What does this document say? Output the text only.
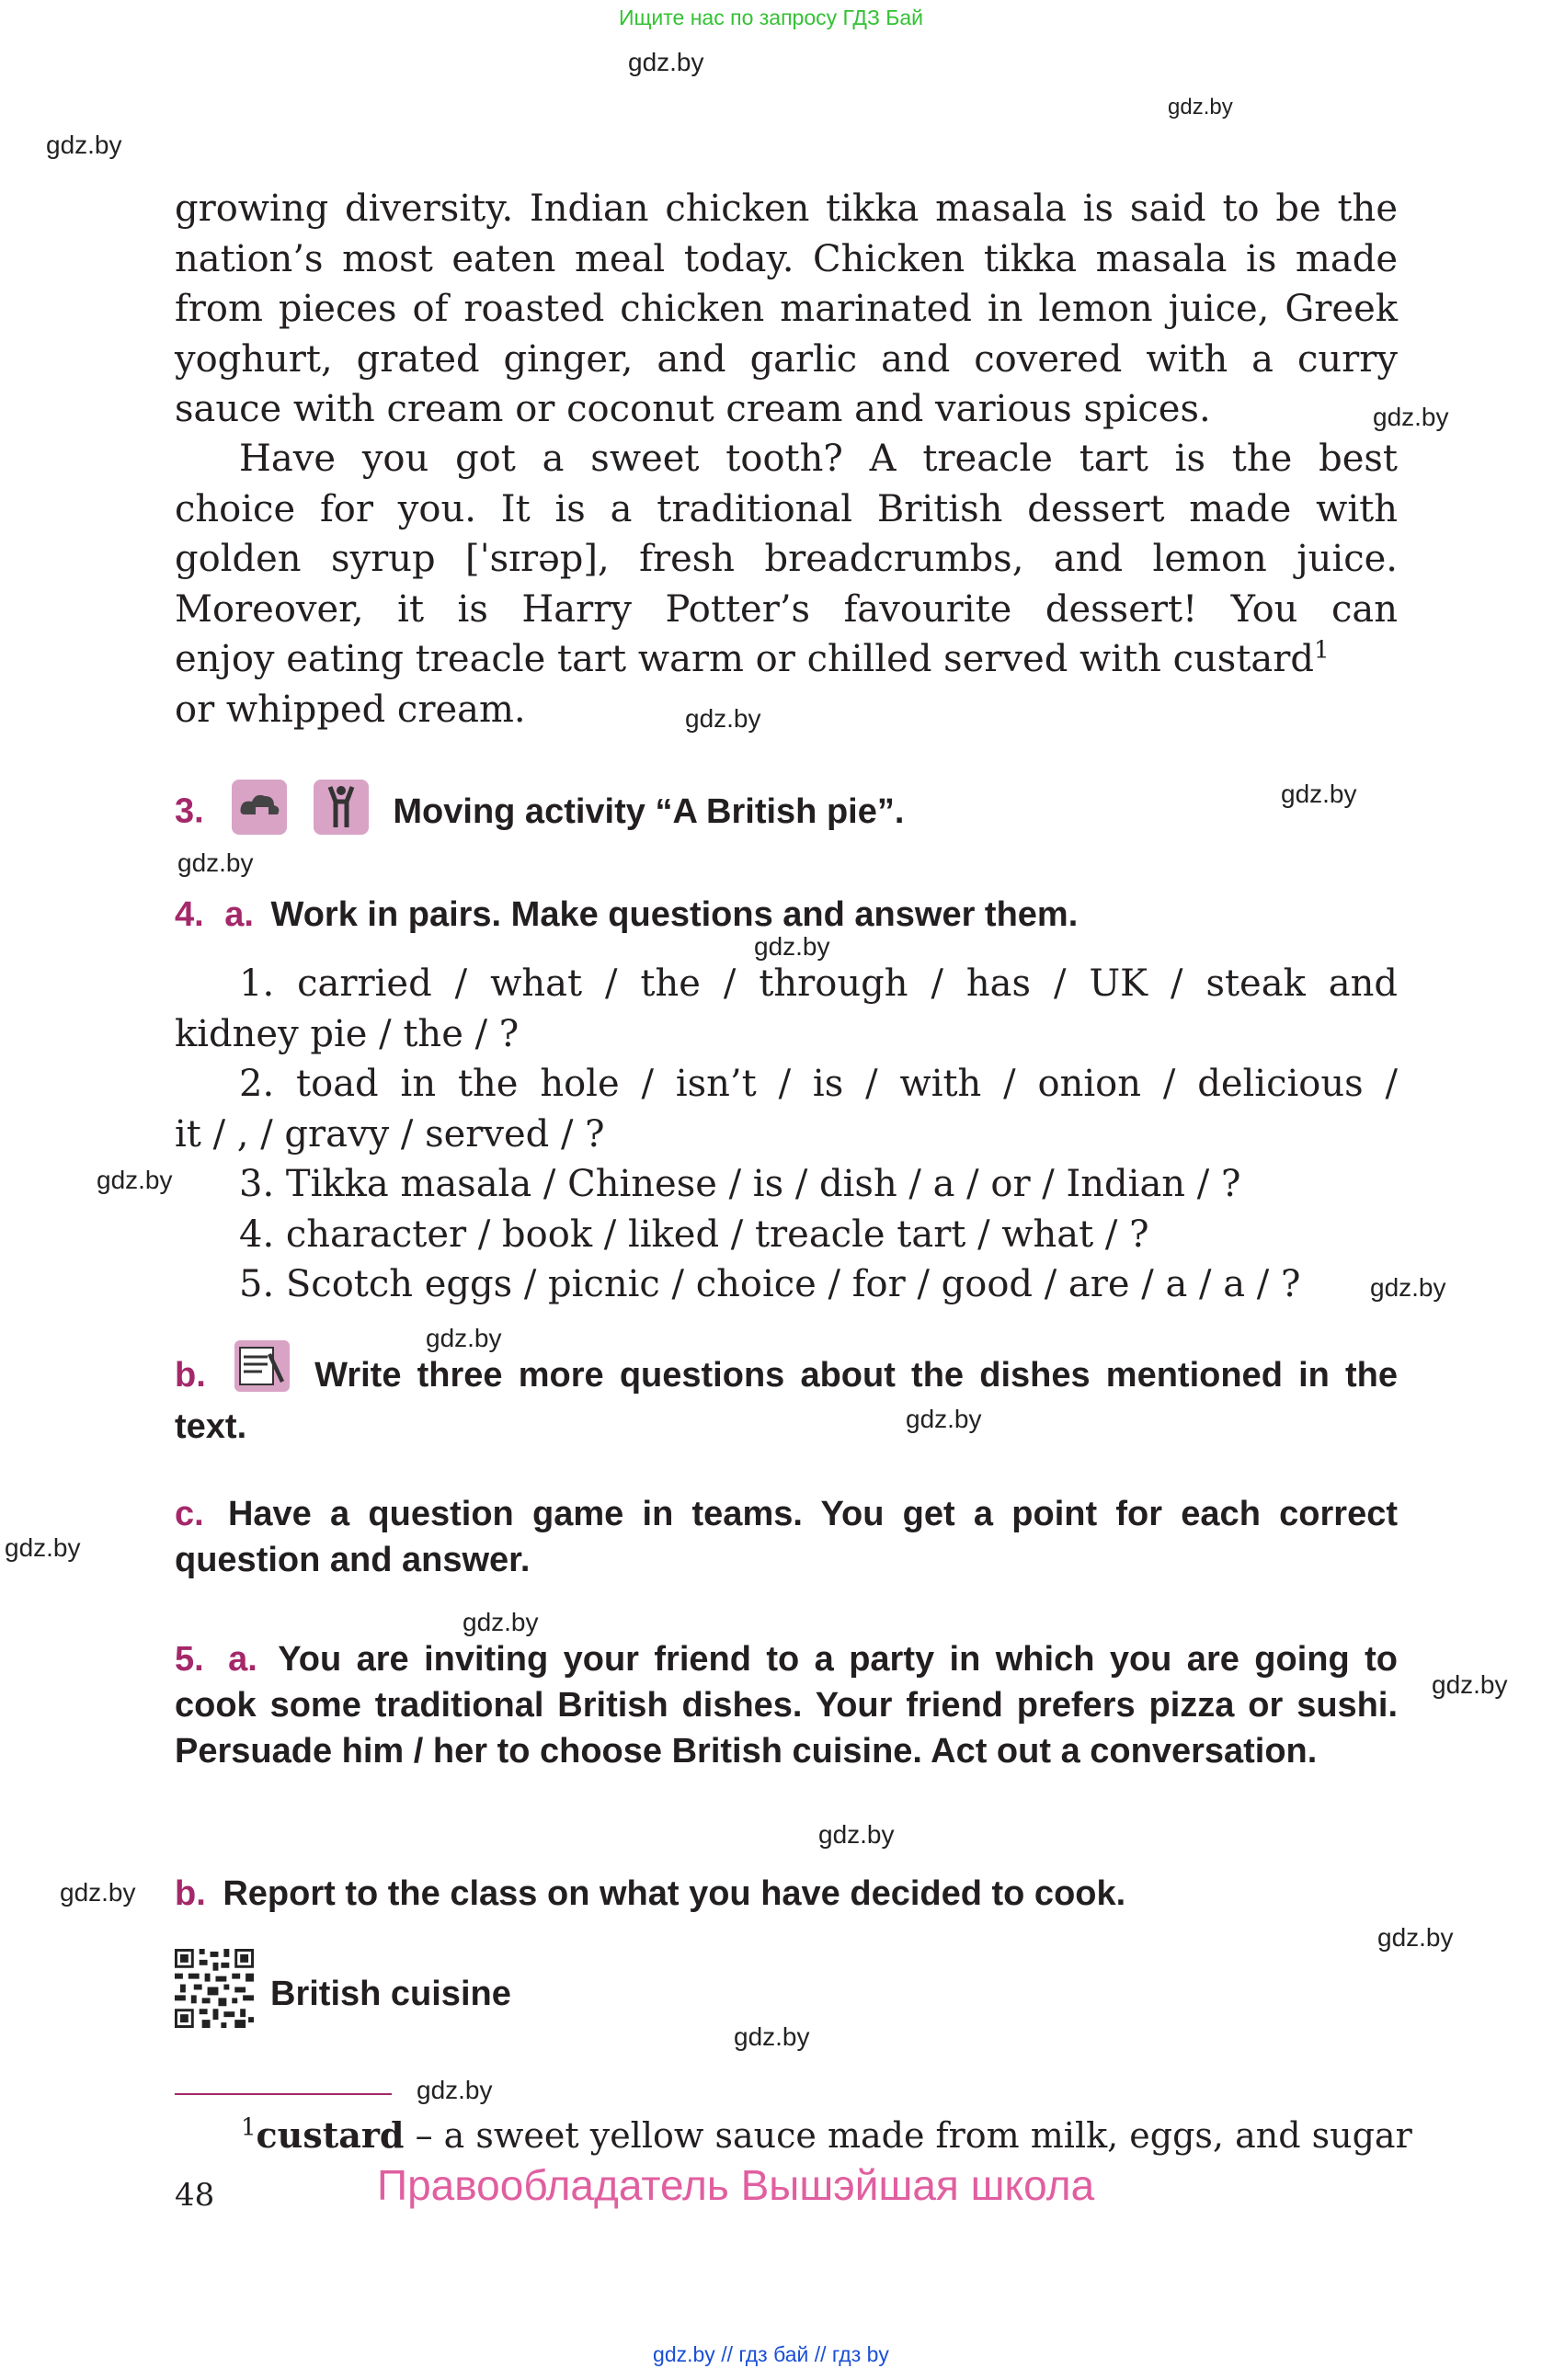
Ищите нас по запросу ГДЗ Бай
gdz.by
gdz.by
gdz.by
gdz.by
gdz.by
gdz.by
gdz.by
gdz.by
gdz.by
gdz.by
gdz.by
gdz.by
gdz.by
gdz.by
gdz.by
gdz.by
gdz.by
gdz.by
gdz.by
gdz.by
growing diversity. Indian chicken tikka masala is said to be the
nation’s most eaten meal today. Chicken tikka masala is made
from pieces of roasted chicken marinated in lemon juice, Greek
yoghurt, grated ginger, and garlic and covered with a curry
sauce with cream or coconut cream and various spices.
Have you got a sweet tooth? A treacle tart is the best
choice for you. It is a traditional British dessert made with
golden syrup [ˈsɪrəp], fresh breadcrumbs, and lemon juice.
Moreover, it is Harry Potter’s favourite dessert! You can
enjoy eating treacle tart warm or chilled served with custard$^1$
or whipped cream.
3.	Moving activity “A British pie”.
4. a. Work in pairs. Make questions and answer them.
1. carried / what / the / through / has / UK / steak and
kidney pie / the / ?
2. toad in the hole / isn’t / is / with / onion / delicious /
it / , / gravy / served / ?
3. Tikka masala / Chinese / is / dish / a / or / Indian / ?
4. character / book / liked / treacle tart / what / ?
5. Scotch eggs / picnic / choice / for / good / are / a / a / ?
b.	Write three more questions about the dishes mentioned in the text.
c. Have a question game in teams. You get a point for each correct question and answer.
5. a. You are inviting your friend to a party in which you are going to cook some traditional British dishes. Your friend prefers pizza or sushi. Persuade him / her to choose British cuisine. Act out a conversation.
b. Report to the class on what you have decided to cook.
British cuisine
$^1$custard – a sweet yellow sauce made from milk, eggs, and sugar
48	Правообладатель Вышэйшая школа
gdz.by // гдз бай // гдз by
